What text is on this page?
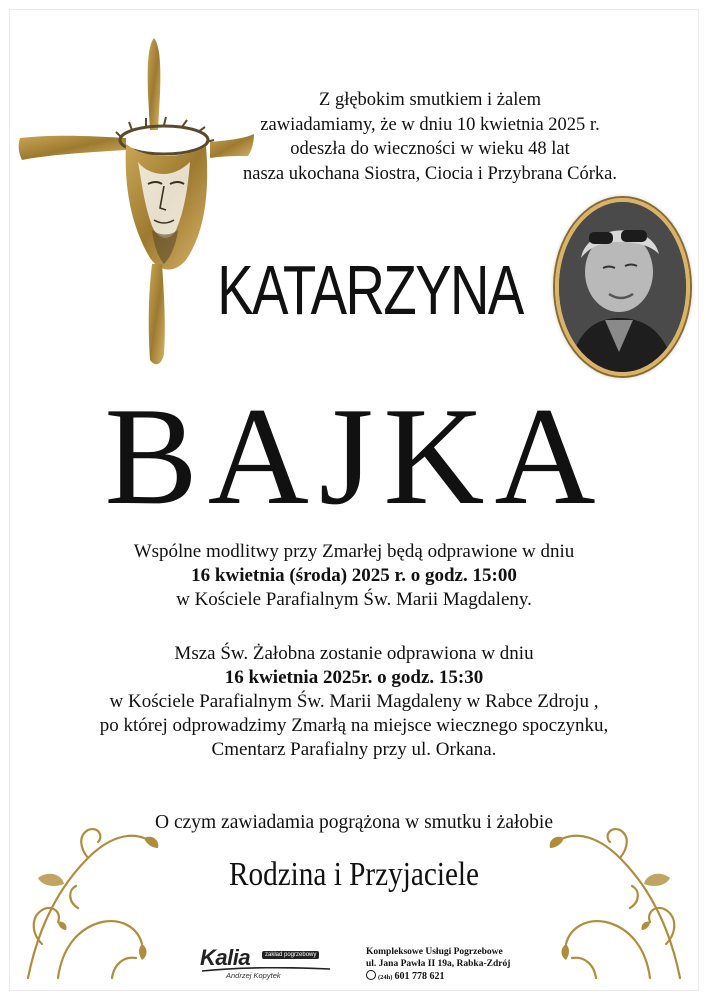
Z głębokim smutkiem i żalem
zawiadamiamy, że w dniu 10 kwietnia 2025 r.
odeszła do wieczności w wieku 48 lat
nasza ukochana Siostra, Ciocia i Przybrana Córka.
KATARZYNA
BAJKA
Wspólne modlitwy przy Zmarłej będą odprawione w dniu
16 kwietnia (środa) 2025 r. o godz. 15:00
w Kościele Parafialnym Św. Marii Magdaleny.
Msza Św. Żałobna zostanie odprawiona w dniu
16 kwietnia 2025r. o godz. 15:30
w Kościele Parafialnym Św. Marii Magdaleny w Rabce Zdroju ,
po której odprowadzimy Zmarłą na miejsce wiecznego spoczynku,
Cmentarz Parafialny przy ul. Orkana.
O czym zawiadamia pogrążona w smutku i żałobie
Rodzina i Przyjaciele
Kalia	zakład pogrzebowy
Andrzej Kopytek
Kompleksowe Usługi Pogrzebowe
ul. Jana Pawła II 19a, Rabka-Zdrój
(24h) 601 778 621
